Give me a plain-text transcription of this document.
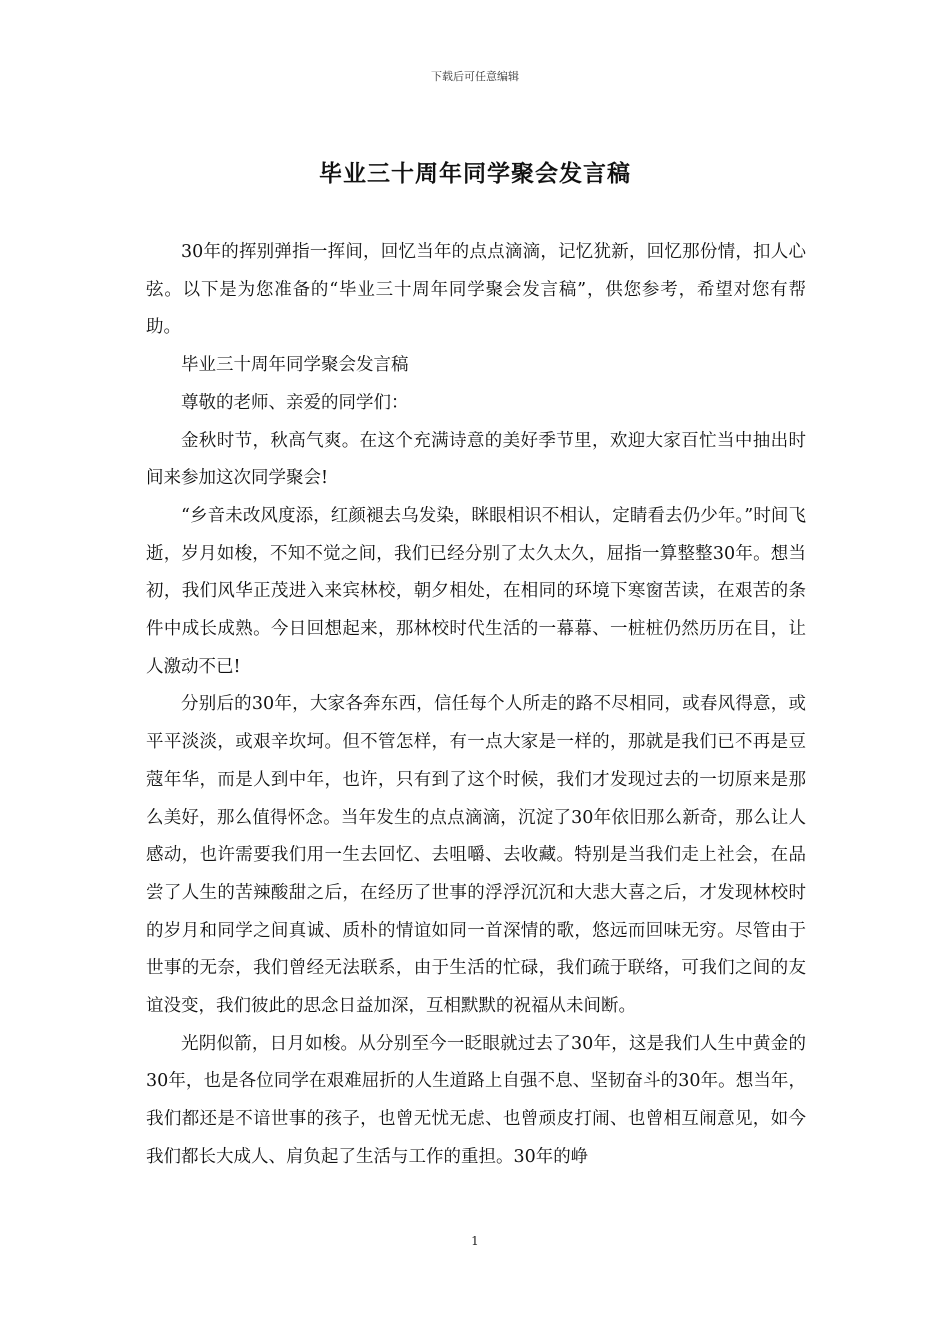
下载后可任意编辑
毕业三十周年同学聚会发言稿

30年的挥别弹指一挥间，回忆当年的点点滴滴，记忆犹新，回忆那份情，扣人心弦。以下是为您准备的“毕业三十周年同学聚会发言稿”，供您参考，希望对您有帮助。

毕业三十周年同学聚会发言稿

尊敬的老师、亲爱的同学们：

金秋时节，秋高气爽。在这个充满诗意的美好季节里，欢迎大家百忙当中抽出时间来参加这次同学聚会!

“乡音未改风度添，红颜褪去乌发染，眯眼相识不相认，定睛看去仍少年。”时间飞逝，岁月如梭，不知不觉之间，我们已经分别了太久太久，屈指一算整整30年。想当初，我们风华正茂进入来宾林校，朝夕相处，在相同的环境下寒窗苦读，在艰苦的条件中成长成熟。今日回想起来，那林校时代生活的一幕幕、一桩桩仍然历历在目，让人激动不已!

分别后的30年，大家各奔东西，信任每个人所走的路不尽相同，或春风得意，或平平淡淡，或艰辛坎坷。但不管怎样，有一点大家是一样的，那就是我们已不再是豆蔻年华，而是人到中年，也许，只有到了这个时候，我们才发现过去的一切原来是那么美好，那么值得怀念。当年发生的点点滴滴，沉淀了30年依旧那么新奇，那么让人感动，也许需要我们用一生去回忆、去咀嚼、去收藏。特别是当我们走上社会，在品尝了人生的苦辣酸甜之后，在经历了世事的浮浮沉沉和大悲大喜之后，才发现林校时的岁月和同学之间真诚、质朴的情谊如同一首深情的歌，悠远而回味无穷。尽管由于世事的无奈，我们曾经无法联系，由于生活的忙碌，我们疏于联络，可我们之间的友谊没变，我们彼此的思念日益加深，互相默默的祝福从未间断。

光阴似箭，日月如梭。从分别至今一眨眼就过去了30年，这是我们人生中黄金的30年，也是各位同学在艰难屈折的人生道路上自强不息、坚韧奋斗的30年。想当年，我们都还是不谙世事的孩子，也曾无忧无虑、也曾顽皮打闹、也曾相互闹意见，如今我们都长大成人、肩负起了生活与工作的重担。30年的峥

1
